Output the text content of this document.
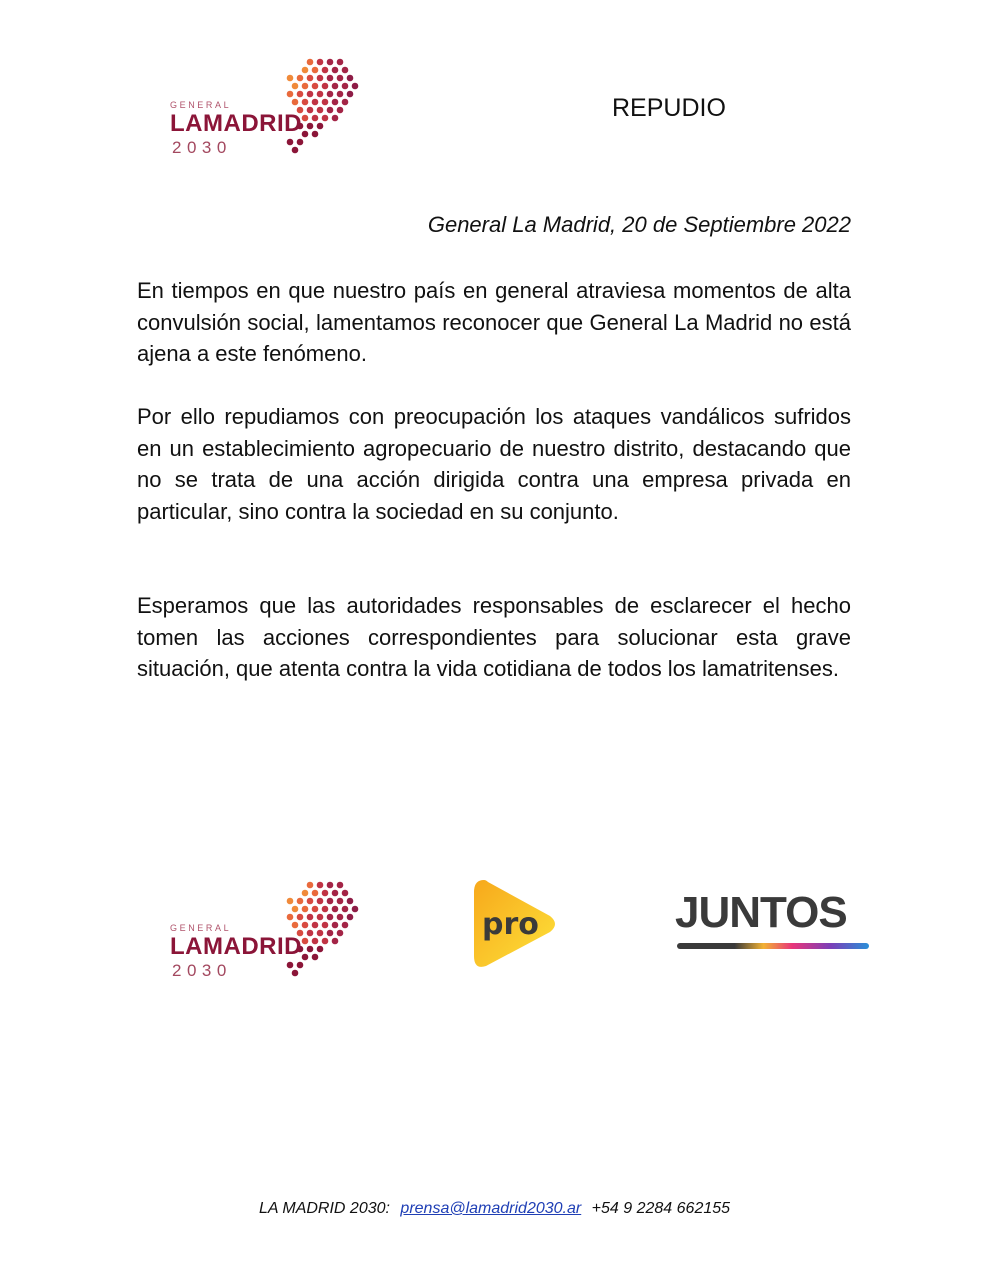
GENERAL
LAMADRID
2030
REPUDIO
General La Madrid, 20 de Septiembre 2022

En tiempos en que nuestro país en general atraviesa momentos de alta convulsión social, lamentamos reconocer que General La Madrid no está ajena a este fenómeno.

Por ello repudiamos con preocupación los ataques vandálicos sufridos en un establecimiento agropecuario de nuestro distrito, destacando que no se trata de una acción dirigida contra una empresa privada en particular, sino contra la sociedad en su conjunto.

Esperamos que las autoridades responsables de esclarecer el hecho tomen las acciones correspondientes para solucionar esta grave situación, que atenta contra la vida cotidiana de todos los lamatritenses.

GENERAL
LAMADRID
2030
pro	JUNTOS
LA MADRID 2030: prensa@lamadrid2030.ar +54 9 2284 662155
